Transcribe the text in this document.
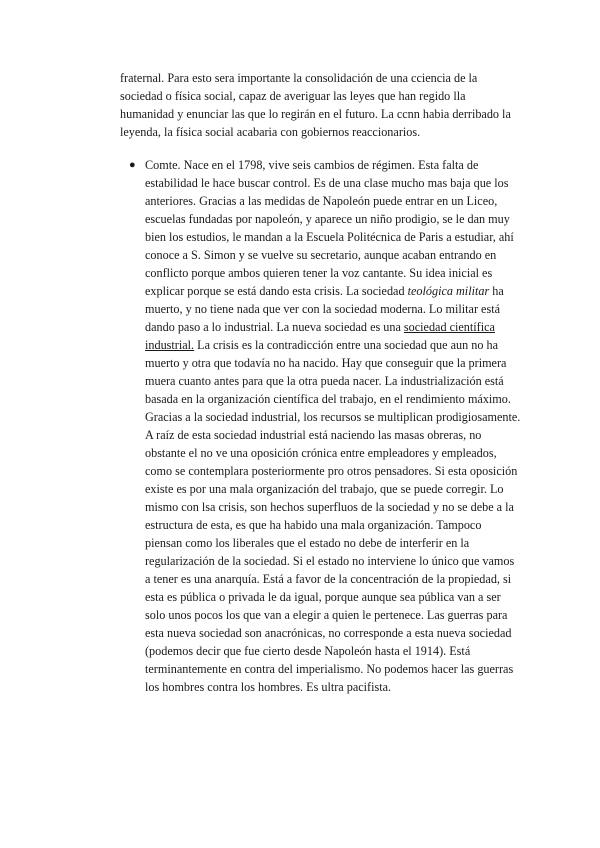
fraternal. Para esto sera importante la consolidación de una cciencia de la sociedad o física social, capaz de averiguar las leyes que han regido lla humanidad y enunciar las que lo regirán en el futuro. La ccnn habia derribado la leyenda, la física social acabaria con gobiernos reaccionarios.

● Comte. Nace en el 1798, vive seis cambios de régimen. Esta falta de estabilidad le hace buscar control. Es de una clase mucho mas baja que los anteriores. Gracias a las medidas de Napoleón puede entrar en un Liceo, escuelas fundadas por napoleón, y aparece un niño prodigio, se le dan muy bien los estudios, le mandan a la Escuela Politécnica de Paris a estudiar, ahí conoce a S. Simon y se vuelve su secretario, aunque acaban entrando en conflicto porque ambos quieren tener la voz cantante. Su idea inicial es explicar porque se está dando esta crisis. La sociedad teológica militar ha muerto, y no tiene nada que ver con la sociedad moderna. Lo militar está dando paso a lo industrial. La nueva sociedad es una sociedad científica industrial. La crisis es la contradicción entre una sociedad que aun no ha muerto y otra que todavía no ha nacido. Hay que conseguir que la primera muera cuanto antes para que la otra pueda nacer. La industrialización está basada en la organización científica del trabajo, en el rendimiento máximo. Gracias a la sociedad industrial, los recursos se multiplican prodigiosamente. A raíz de esta sociedad industrial está naciendo las masas obreras, no obstante el no ve una oposición crónica entre empleadores y empleados, como se contemplara posteriormente pro otros pensadores. Si esta oposición existe es por una mala organización del trabajo, que se puede corregir. Lo mismo con lsa crisis, son hechos superfluos de la sociedad y no se debe a la estructura de esta, es que ha habido una mala organización. Tampoco piensan como los liberales que el estado no debe de interferir en la regularización de la sociedad. Si el estado no interviene lo único que vamos a tener es una anarquía. Está a favor de la concentración de la propiedad, si esta es pública o privada le da igual, porque aunque sea pública van a ser solo unos pocos los que van a elegir a quien le pertenece. Las guerras para esta nueva sociedad son anacrónicas, no corresponde a esta nueva sociedad (podemos decir que fue cierto desde Napoleón hasta el 1914). Está terminantemente en contra del imperialismo. No podemos hacer las guerras los hombres contra los hombres. Es ultra pacifista.
